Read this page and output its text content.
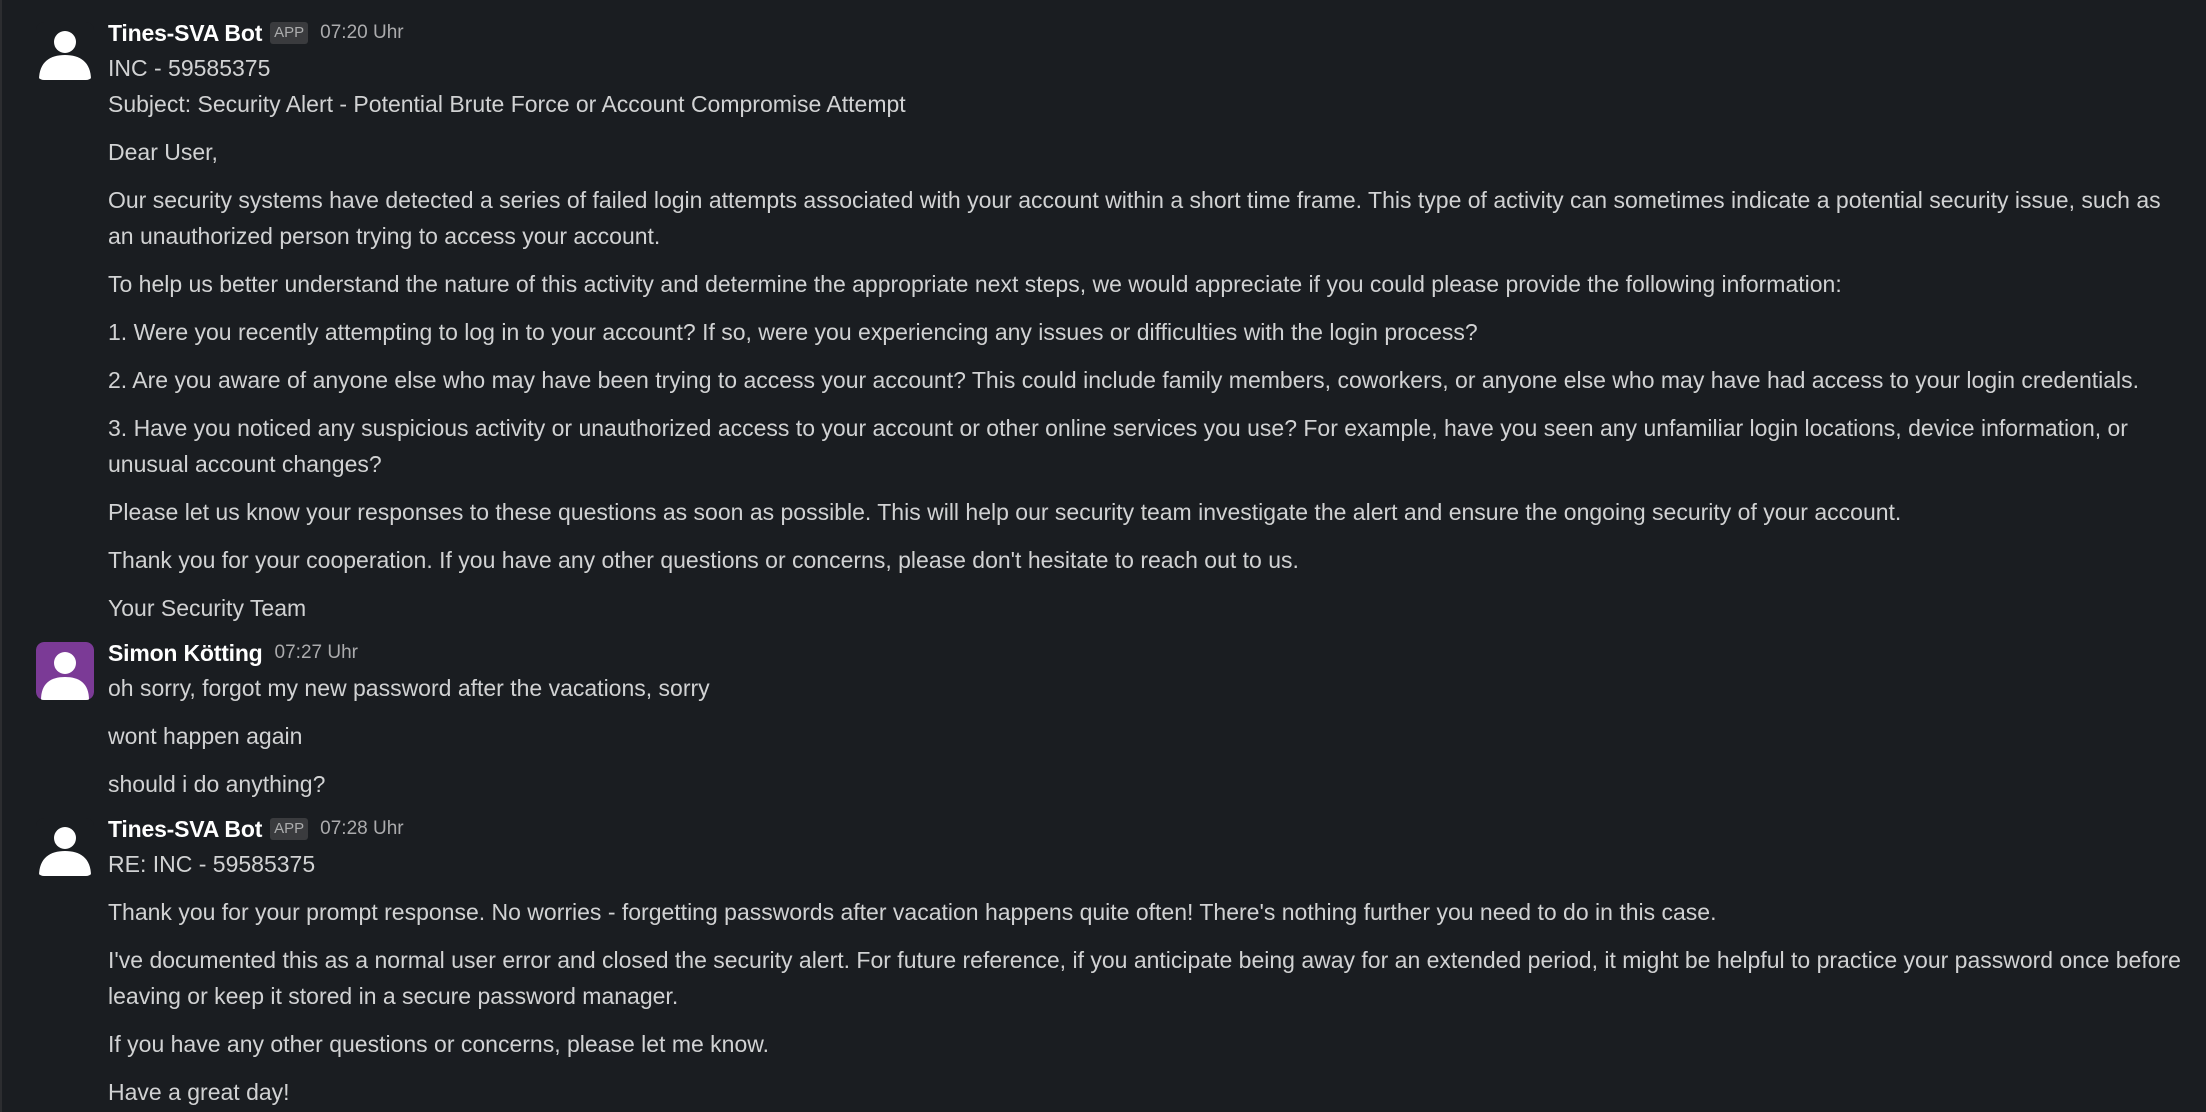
Tines-SVA Bot APP 07:20 Uhr

INC - 59585375

Subject: Security Alert - Potential Brute Force or Account Compromise Attempt

Dear User,

Our security systems have detected a series of failed login attempts associated with your account within a short time frame. This type of activity can sometimes indicate a potential security issue, such as an unauthorized person trying to access your account.

To help us better understand the nature of this activity and determine the appropriate next steps, we would appreciate if you could please provide the following information:

1. Were you recently attempting to log in to your account? If so, were you experiencing any issues or difficulties with the login process?

2. Are you aware of anyone else who may have been trying to access your account? This could include family members, coworkers, or anyone else who may have had access to your login credentials.

3. Have you noticed any suspicious activity or unauthorized access to your account or other online services you use? For example, have you seen any unfamiliar login locations, device information, or unusual account changes?

Please let us know your responses to these questions as soon as possible. This will help our security team investigate the alert and ensure the ongoing security of your account.

Thank you for your cooperation. If you have any other questions or concerns, please don't hesitate to reach out to us.

Your Security Team

Simon Kötting 07:27 Uhr

oh sorry, forgot my new password after the vacations, sorry

wont happen again

should i do anything?

Tines-SVA Bot APP 07:28 Uhr

RE: INC - 59585375

Thank you for your prompt response. No worries - forgetting passwords after vacation happens quite often! There's nothing further you need to do in this case.

I've documented this as a normal user error and closed the security alert. For future reference, if you anticipate being away for an extended period, it might be helpful to practice your password once before leaving or keep it stored in a secure password manager.

If you have any other questions or concerns, please let me know.

Have a great day!
